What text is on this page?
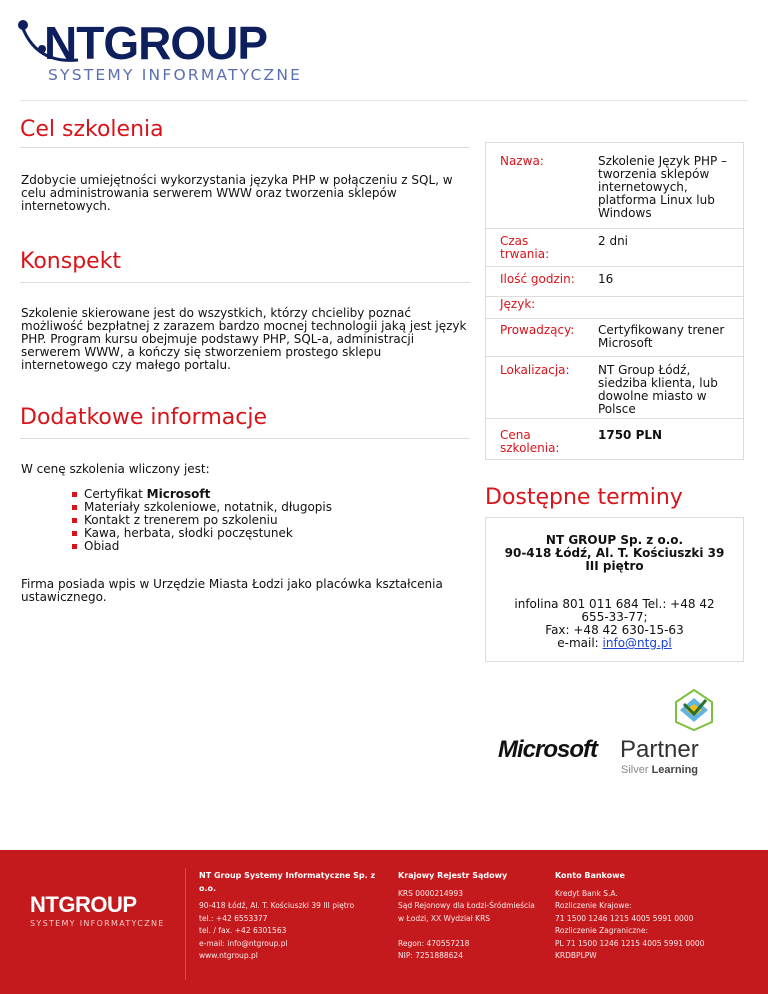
NTGROUP
SYSTEMY INFORMATYCZNE
Cel szkolenia
Zdobycie umiejętności wykorzystania języka PHP w połączeniu z SQL, w celu administrowania serwerem WWW oraz tworzenia sklepów internetowych.
Konspekt
Szkolenie skierowane jest do wszystkich, którzy chcieliby poznać możliwość bezpłatnej z zarazem bardzo mocnej technologii jaką jest język PHP. Program kursu obejmuje podstawy PHP, SQL-a, administracji serwerem WWW, a kończy się stworzeniem prostego sklepu internetowego czy małego portalu.
Dodatkowe informacje
W cenę szkolenia wliczony jest:
Certyfikat Microsoft
Materiały szkoleniowe, notatnik, długopis
Kontakt z trenerem po szkoleniu
Kawa, herbata, słodki poczęstunek
Obiad
Firma posiada wpis w Urzędzie Miasta Łodzi jako placówka kształcenia ustawicznego.
Nazwa:	Szkolenie Język PHP – tworzenia sklepów internetowych, platforma Linux lub Windows
Czas trwania:
2 dni
Ilość godzin:	16
Język:
Prowadzący:	Certyfikowany trener Microsoft
Lokalizacja:	NT Group Łódź, siedziba klienta, lub dowolne miasto w Polsce
Cena szkolenia:
1750 PLN
Dostępne terminy
NT GROUP Sp. z o.o.
90-418 Łódź, Al. T. Kościuszki 39
III piętro
infolina 801 011 684 Tel.: +48 42 655-33-77;
Fax: +48 42 630-15-63
e-mail: info@ntg.pl
Microsoft Partner
Silver Learning
NTGROUP
SYSTEMY INFORMATYCZNE
NT Group Systemy Informatyczne Sp. z o.o.
90-418 Łódź, Al. T. Kościuszki 39 III piętro
tel.: +42 6553377
tel. / fax. +42 6301563
e-mail: info@ntgroup.pl
www.ntgroup.pl
Krajowy Rejestr Sądowy
KRS 0000214993
Sąd Rejonowy dla Łodzi-Śródmieścia
w Łodzi, XX Wydział KRS
Regon: 470557218
NIP: 7251888624
Konto Bankowe
Kredyt Bank S.A.
Rozliczenie Krajowe:
71 1500 1246 1215 4005 5991 0000
Rozliczenie Zagraniczne:
PL 71 1500 1246 1215 4005 5991 0000
KRDBPLPW
